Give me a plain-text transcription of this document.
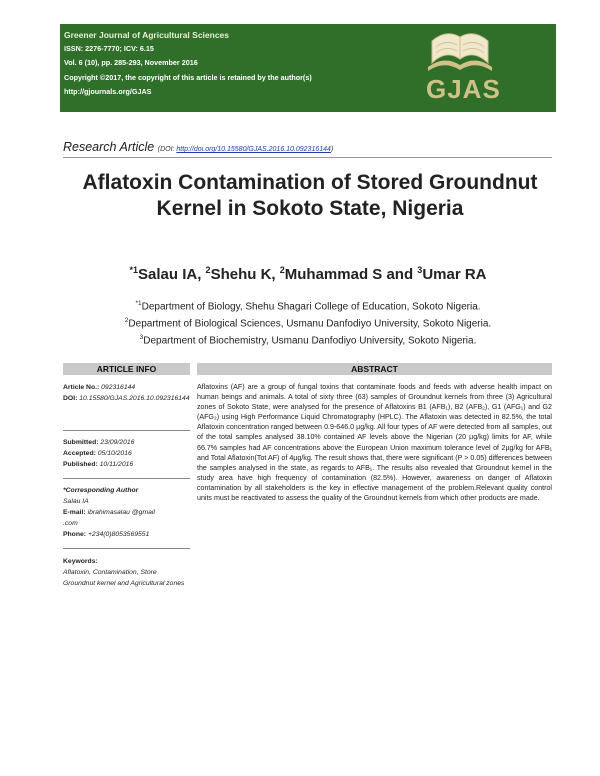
Greener Journal of Agricultural Sciences
ISSN: 2276-7770; ICV: 6.15
Vol. 6 (10), pp. 285-293, November 2016
Copyright ©2017, the copyright of this article is retained by the author(s)
http://gjournals.org/GJAS	GJAS
Research Article (DOI: http://doi.org/10.15580/GJAS.2016.10.092316144)
Aflatoxin Contamination of Stored Groundnut Kernel in Sokoto State, Nigeria
$^{*1}$Salau IA, $^2$Shehu K, $^2$Muhammad S and $^3$Umar RA
$^{*1}$Department of Biology, Shehu Shagari College of Education, Sokoto Nigeria.
$^2$Department of Biological Sciences, Usmanu Danfodiyo University, Sokoto Nigeria.
$^3$Department of Biochemistry, Usmanu Danfodiyo University, Sokoto Nigeria.
ARTICLE INFO	ABSTRACT
Article No.: 092316144
DOI: 10.15580/GJAS.2016.10.092316144
Submitted: 23/09/2016
Accepted: 05/10/2016
Published: 10/11/2016
*Corresponding Author
Salau IA
E-mail: ibrahimasalau @gmail
.com
Phone: +234(0)8053569551
Keywords:
Aflatoxin, Contamination, Store Groundnut kernel and Agricultural zones
Aflatoxins (AF) are a group of fungal toxins that contaminate foods and feeds with adverse health impact on human beings and animals. A total of sixty three (63) samples of Groundnut kernels from three (3) Agricultural zones of Sokoto State, were analysed for the presence of Aflatoxins B1 (AFB₁), B2 (AFB₂), G1 (AFG₁) and G2 (AFG₂) using High Performance Liquid Chromatography (HPLC). The Aflatoxin was detected in 82.5%, the total Aflatoxin concentration ranged between 0.9-646.0 µg/kg. All four types of AF were detected from all samples, out of the total samples analysed 38.10% contained AF levels above the Nigerian (20 µg/kg) limits for AF, while 66.7% samples had AF concentrations above the European Union maximum tolerance level of 2µg/kg for AFB₁ and Total Aflatoxin(Tot AF) of 4µg/kg. The result shows that, there were significant (P > 0.05) differences between the samples analysed in the state, as regards to AFB₁. The results also revealed that Groundnut kernel in the study area have high frequency of contamination (82.5%). However, awareness on danger of Aflatoxin contamination by all stakeholders is the key in effective management of the problem.Relevant quality control units must be reactivated to assess the quality of the Groundnut kernels from which other products are made.
